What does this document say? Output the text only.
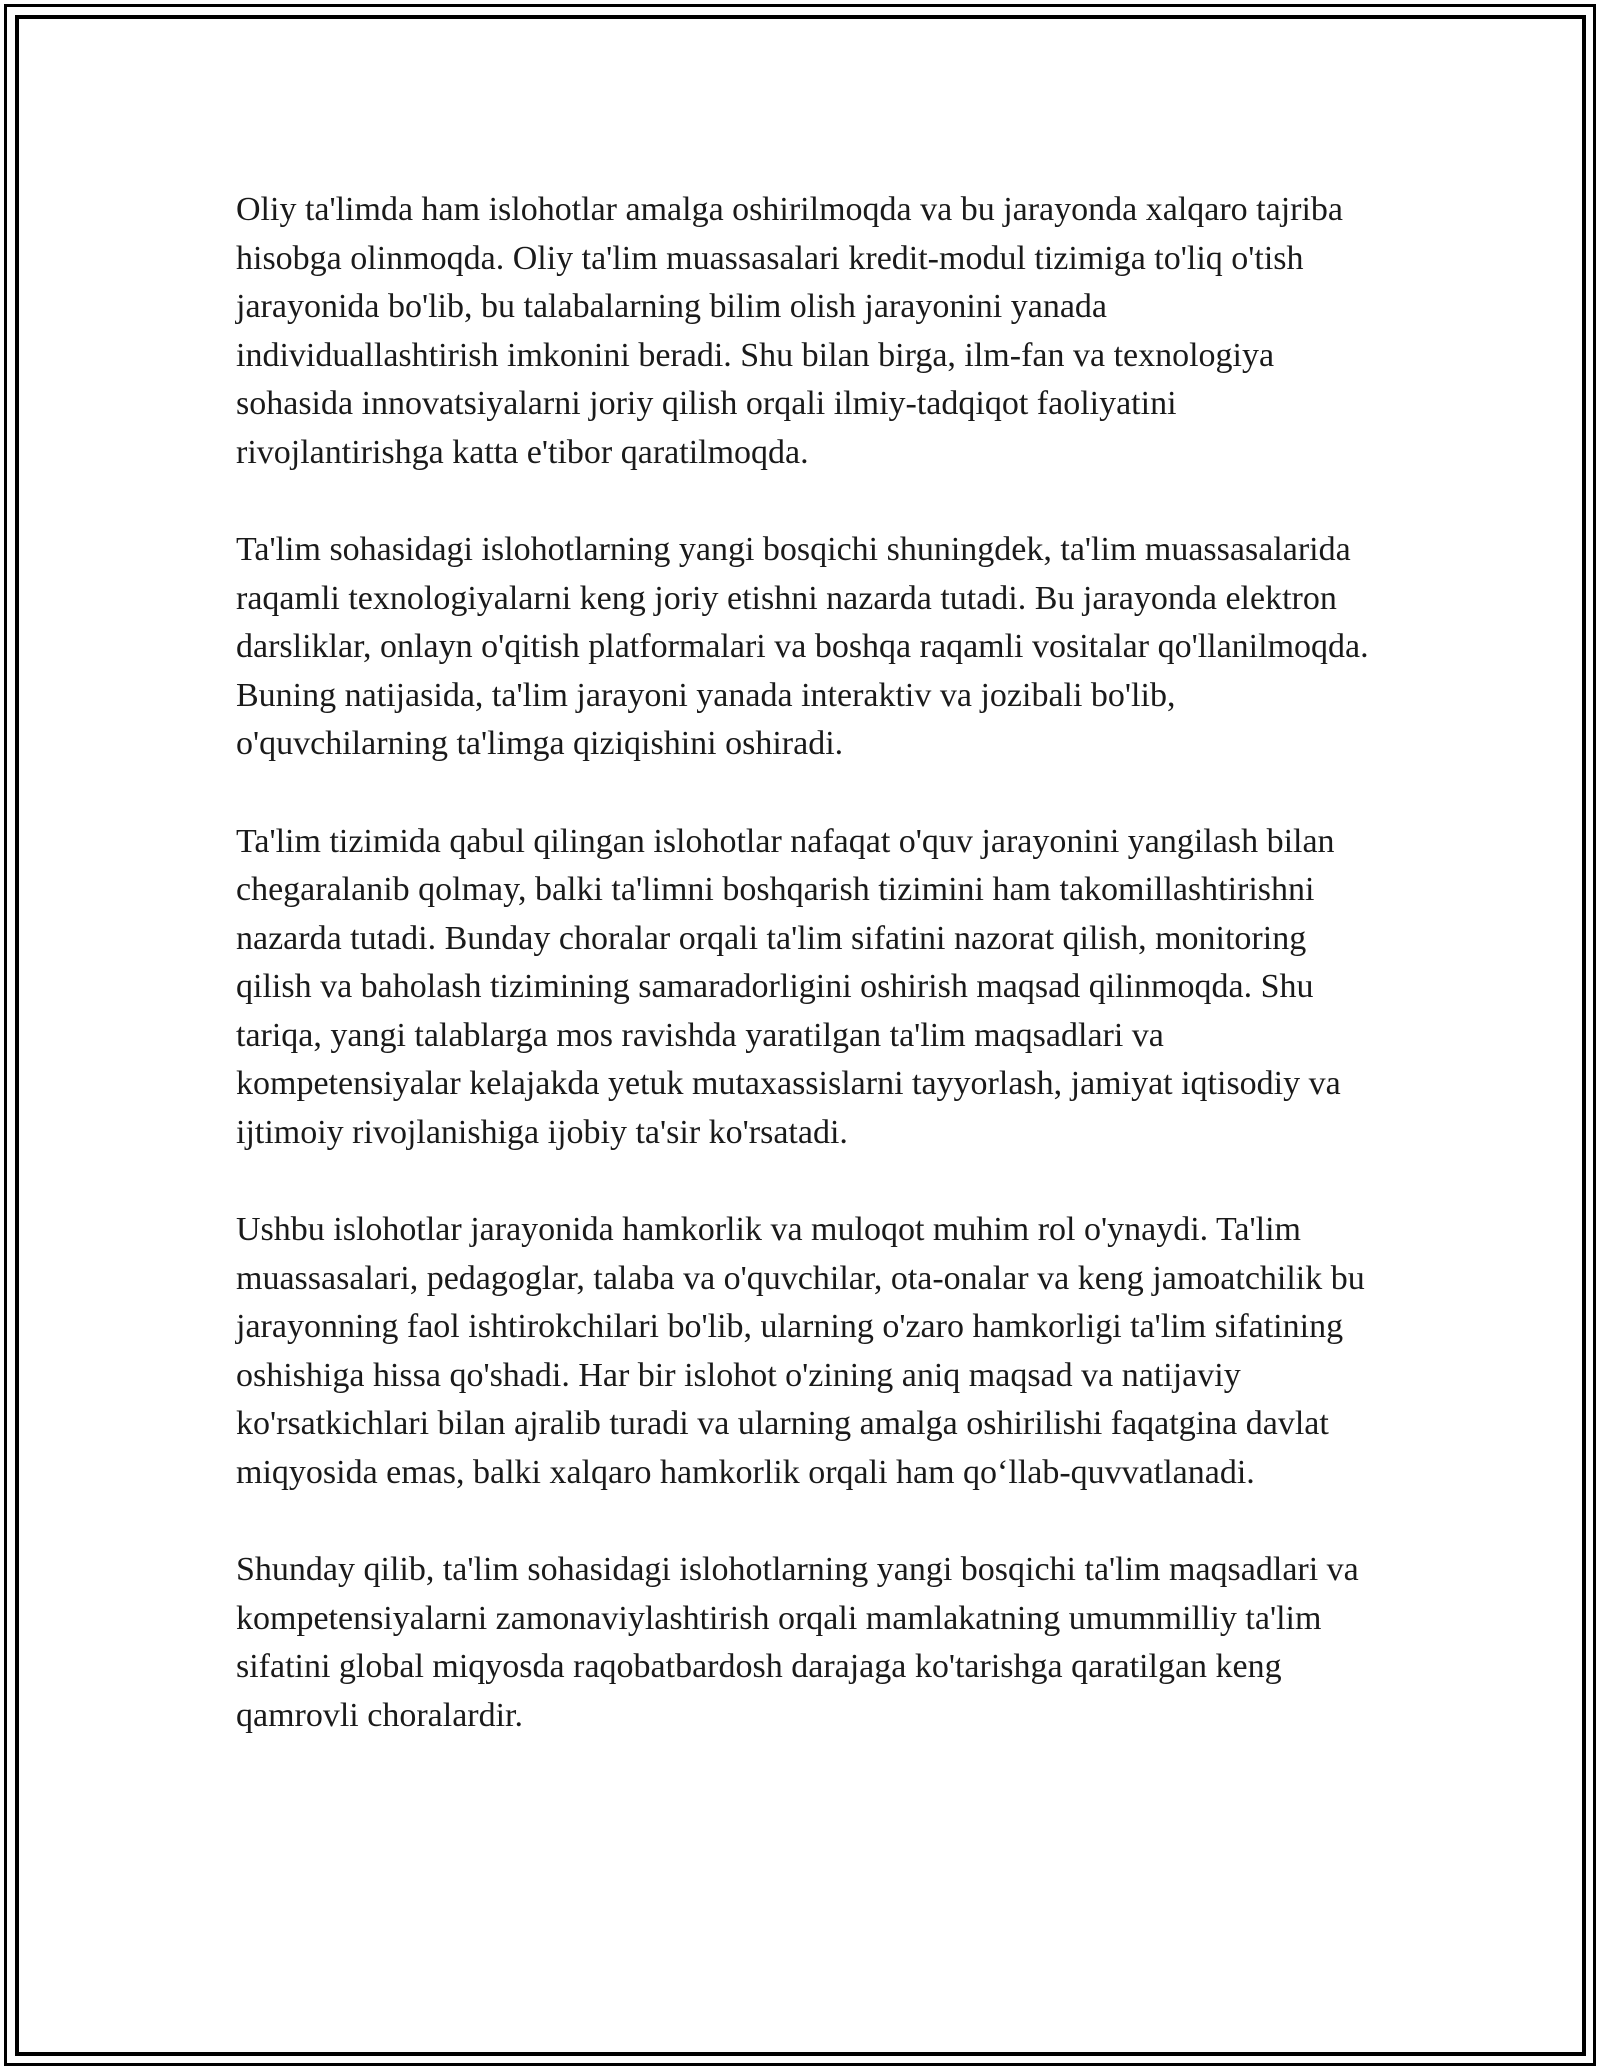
Oliy ta'limda ham islohotlar amalga oshirilmoqda va bu jarayonda xalqaro tajriba hisobga olinmoqda. Oliy ta'lim muassasalari kredit-modul tizimiga to'liq o'tish jarayonida bo'lib, bu talabalarning bilim olish jarayonini yanada individuallashtirish imkonini beradi. Shu bilan birga, ilm-fan va texnologiya sohasida innovatsiyalarni joriy qilish orqali ilmiy-tadqiqot faoliyatini rivojlantirishga katta e'tibor qaratilmoqda.

Ta'lim sohasidagi islohotlarning yangi bosqichi shuningdek, ta'lim muassasalarida raqamli texnologiyalarni keng joriy etishni nazarda tutadi. Bu jarayonda elektron darsliklar, onlayn o'qitish platformalari va boshqa raqamli vositalar qo'llanilmoqda. Buning natijasida, ta'lim jarayoni yanada interaktiv va jozibali bo'lib, o'quvchilarning ta'limga qiziqishini oshiradi.

Ta'lim tizimida qabul qilingan islohotlar nafaqat o'quv jarayonini yangilash bilan chegaralanib qolmay, balki ta'limni boshqarish tizimini ham takomillashtirishni nazarda tutadi. Bunday choralar orqali ta'lim sifatini nazorat qilish, monitoring qilish va baholash tizimining samaradorligini oshirish maqsad qilinmoqda. Shu tariqa, yangi talablarga mos ravishda yaratilgan ta'lim maqsadlari va kompetensiyalar kelajakda yetuk mutaxassislarni tayyorlash, jamiyat iqtisodiy va ijtimoiy rivojlanishiga ijobiy ta'sir ko'rsatadi.

Ushbu islohotlar jarayonida hamkorlik va muloqot muhim rol o'ynaydi. Ta'lim muassasalari, pedagoglar, talaba va o'quvchilar, ota-onalar va keng jamoatchilik bu jarayonning faol ishtirokchilari bo'lib, ularning o'zaro hamkorligi ta'lim sifatining oshishiga hissa qo'shadi. Har bir islohot o'zining aniq maqsad va natijaviy ko'rsatkichlari bilan ajralib turadi va ularning amalga oshirilishi faqatgina davlat miqyosida emas, balki xalqaro hamkorlik orqali ham qo‘llab-quvvatlanadi.

Shunday qilib, ta'lim sohasidagi islohotlarning yangi bosqichi ta'lim maqsadlari va kompetensiyalarni zamonaviylashtirish orqali mamlakatning umummilliy ta'lim sifatini global miqyosda raqobatbardosh darajaga ko'tarishga qaratilgan keng qamrovli choralardir.
